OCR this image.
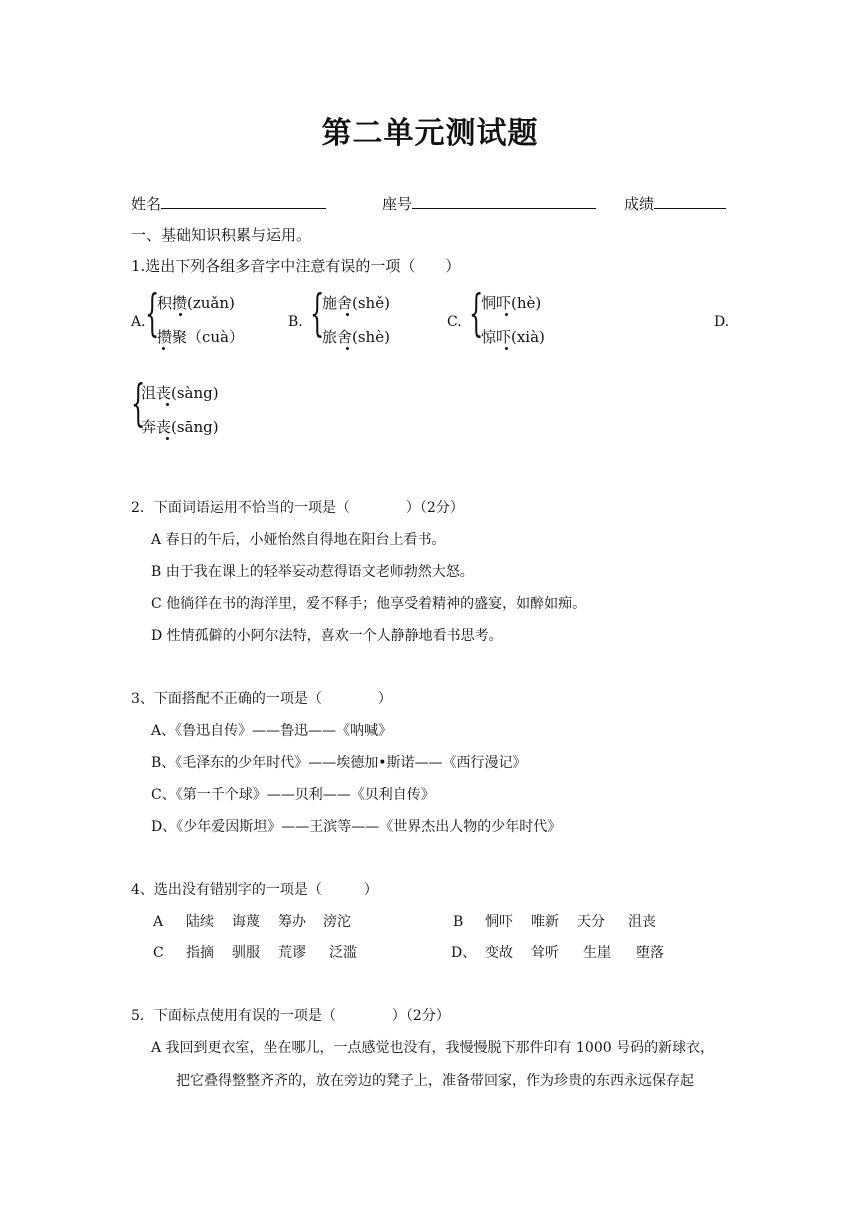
第二单元测试题
姓名	座号	成绩
一、基础知识积累与运用。
1.选出下列各组多音字中注意有误的一项（　　）
A. {
积攒(zuǎn)
攒聚（cuà）
B. {
施舍(shě)
旅舍(shè)
C. {
恫吓(hè)
惊吓(xià)
D.
{
沮丧(sàng)
奔丧(sāng)
2．下面词语运用不恰当的一项是（　　　　）（2分）
A 春日的午后，小娅怡然自得地在阳台上看书。
B 由于我在课上的轻举妄动惹得语文老师勃然大怒。
C 他徜徉在书的海洋里，爱不释手；他享受着精神的盛宴，如醉如痴。
D 性情孤僻的小阿尔法特，喜欢一个人静静地看书思考。
3、下面搭配不正确的一项是（　　　　）
A、《鲁迅自传》——鲁迅——《呐喊》
B、《毛泽东的少年时代》——埃德加•斯诺——《西行漫记》
C、《第一千个球》——贝利——《贝利自传》
D、《少年爱因斯坦》——王滨等——《世界杰出人物的少年时代》
4、选出没有错别字的一项是（　　　）
A 陆续 诲蔑 筹办 滂沱	B 恫吓 唯新 天分 沮丧
C 指摘 驯服 荒谬 泛滥	D、 变故 耸听 生崖 堕落
5．下面标点使用有误的一项是（　　　　）（2分）
A 我回到更衣室，坐在哪儿，一点感觉也没有，我慢慢脱下那件印有 1000 号码的新球衣，
把它叠得整整齐齐的，放在旁边的凳子上，准备带回家，作为珍贵的东西永远保存起
